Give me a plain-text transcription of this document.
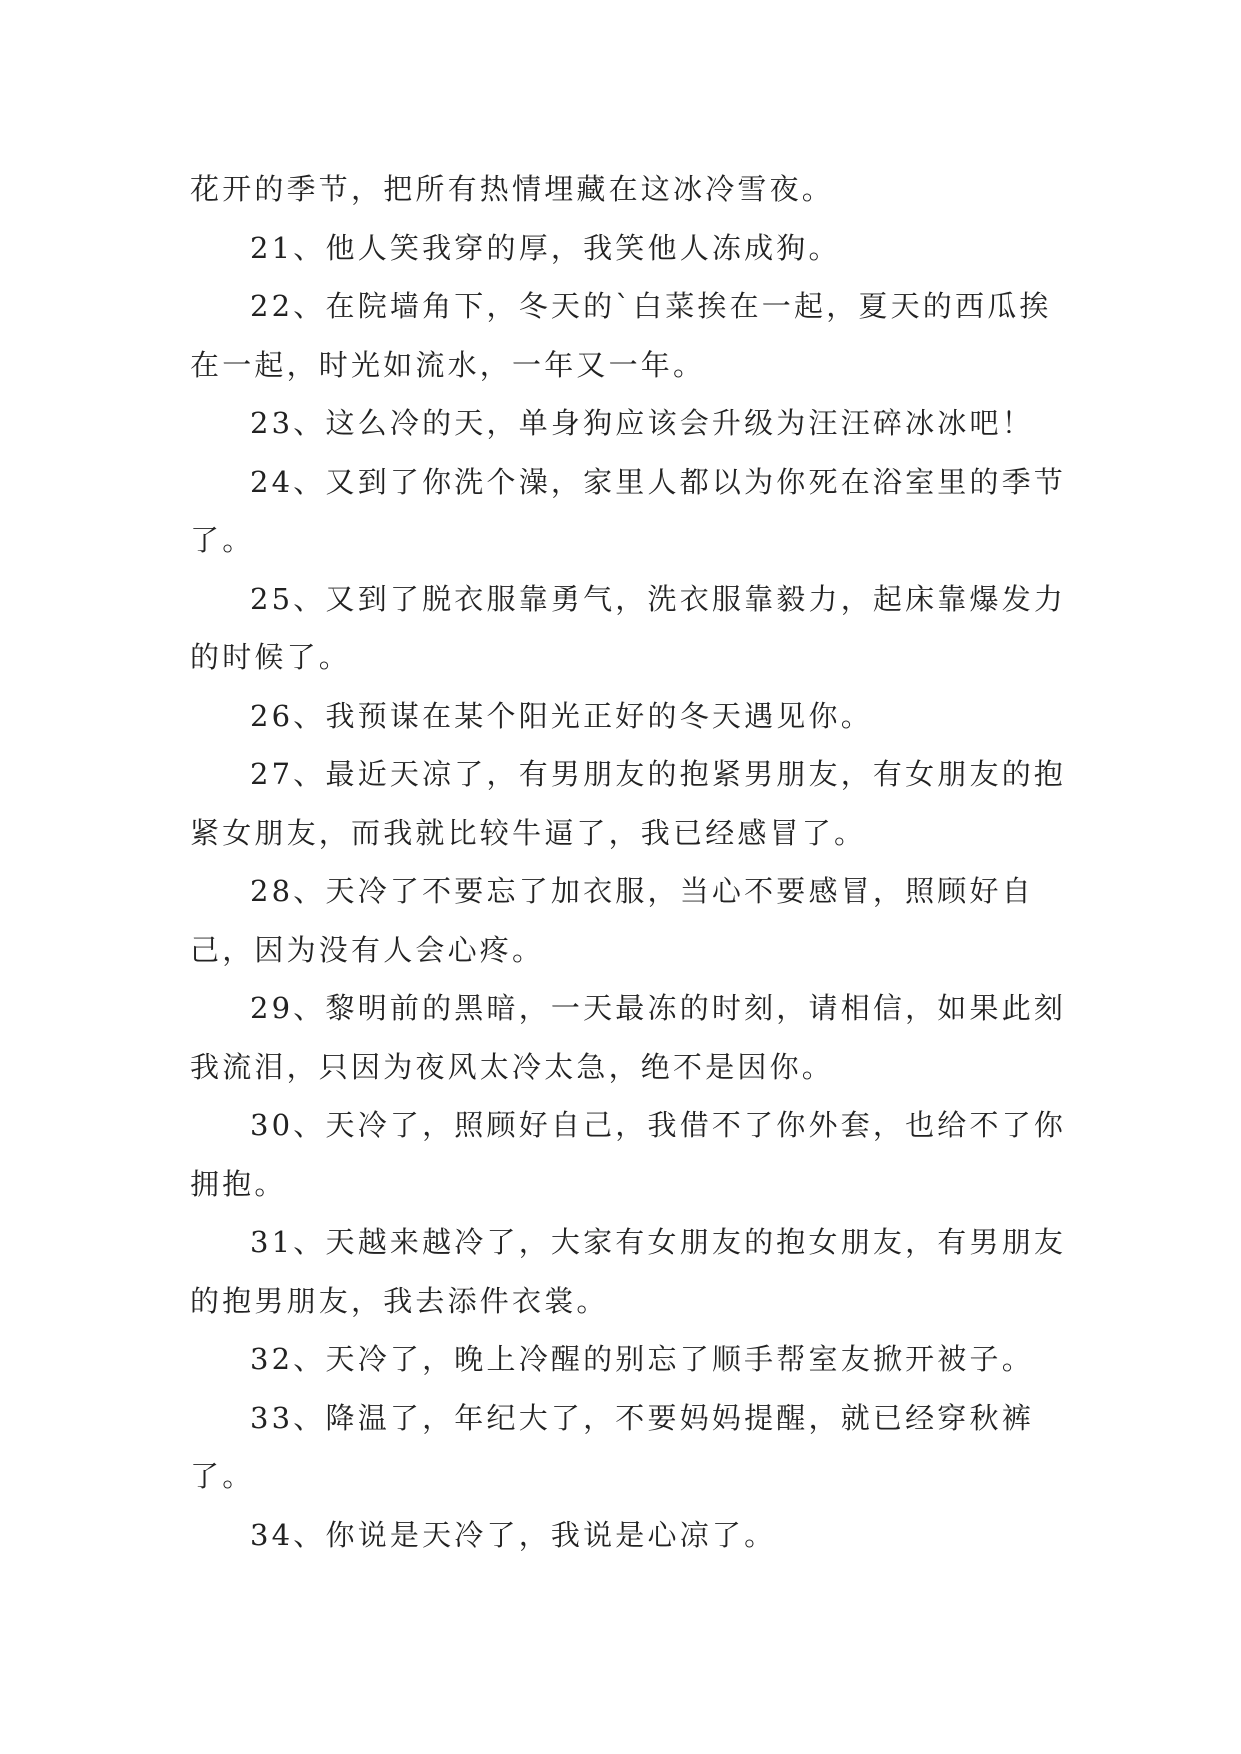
花开的季节，把所有热情埋藏在这冰冷雪夜。

21、他人笑我穿的厚，我笑他人冻成狗。

22、在院墙角下，冬天的`白菜挨在一起，夏天的西瓜挨在一起，时光如流水，一年又一年。

23、这么冷的天，单身狗应该会升级为汪汪碎冰冰吧！

24、又到了你洗个澡，家里人都以为你死在浴室里的季节了。

25、又到了脱衣服靠勇气，洗衣服靠毅力，起床靠爆发力的时候了。

26、我预谋在某个阳光正好的冬天遇见你。

27、最近天凉了，有男朋友的抱紧男朋友，有女朋友的抱紧女朋友，而我就比较牛逼了，我已经感冒了。

28、天冷了不要忘了加衣服，当心不要感冒，照顾好自己，因为没有人会心疼。

29、黎明前的黑暗，一天最冻的时刻，请相信，如果此刻我流泪，只因为夜风太冷太急，绝不是因你。

30、天冷了，照顾好自己，我借不了你外套，也给不了你拥抱。

31、天越来越冷了，大家有女朋友的抱女朋友，有男朋友的抱男朋友，我去添件衣裳。

32、天冷了，晚上冷醒的别忘了顺手帮室友掀开被子。

33、降温了，年纪大了，不要妈妈提醒，就已经穿秋裤了。

34、你说是天冷了，我说是心凉了。
